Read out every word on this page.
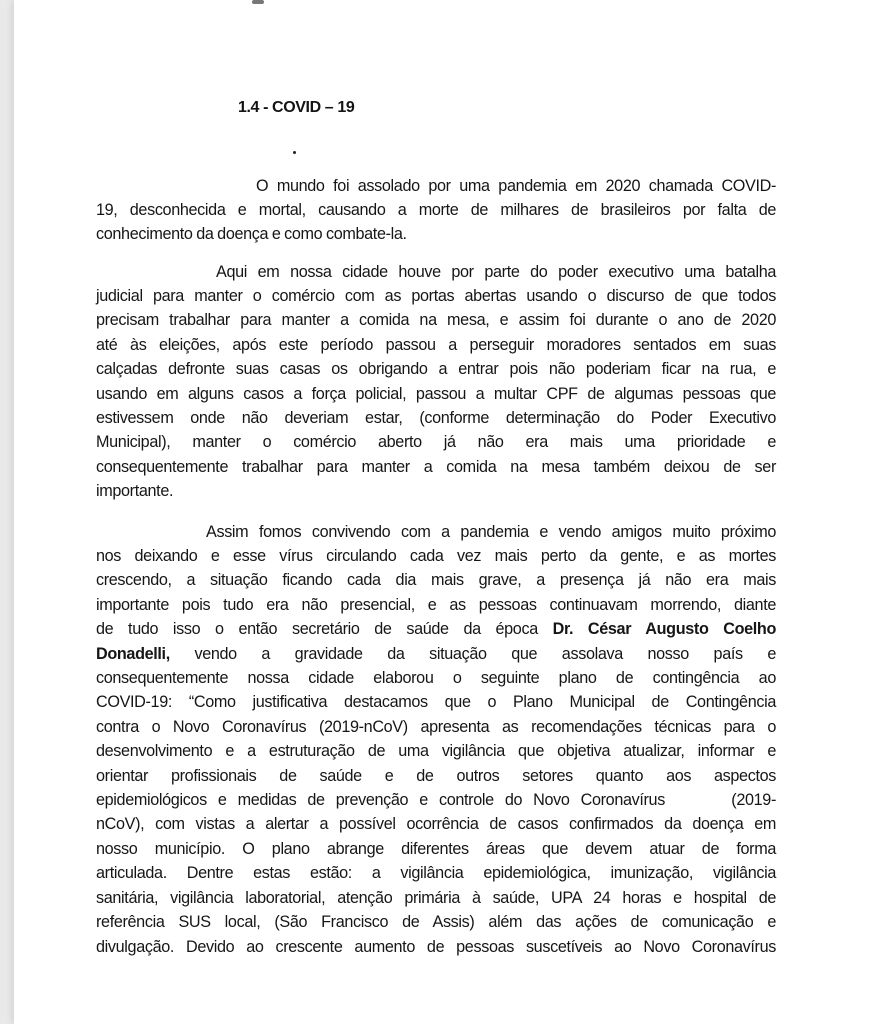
1.4 - COVID – 19
O mundo foi assolado por uma pandemia em 2020 chamada COVID-
19, desconhecida e mortal, causando a morte de milhares de brasileiros por falta de
conhecimento da doença e como combate-la.
Aqui em nossa cidade houve por parte do poder executivo uma batalha
judicial para manter o comércio com as portas abertas usando o discurso de que todos
precisam trabalhar para manter a comida na mesa, e assim foi durante o ano de 2020
até às eleições, após este período passou a perseguir moradores sentados em suas
calçadas defronte suas casas os obrigando a entrar pois não poderiam ficar na rua, e
usando em alguns casos a força policial, passou a multar CPF de algumas pessoas que
estivessem onde não deveriam estar, (conforme determinação do Poder Executivo
Municipal), manter o comércio aberto já não era mais uma prioridade e
consequentemente trabalhar para manter a comida na mesa também deixou de ser
importante.
Assim fomos convivendo com a pandemia e vendo amigos muito próximo
nos deixando e esse vírus circulando cada vez mais perto da gente, e as mortes
crescendo, a situação ficando cada dia mais grave, a presença já não era mais
importante pois tudo era não presencial, e as pessoas continuavam morrendo, diante
de tudo isso o então secretário de saúde da época Dr. César Augusto Coelho
Donadelli, vendo a gravidade da situação que assolava nosso país e
consequentemente nossa cidade elaborou o seguinte plano de contingência ao
COVID-19: “Como justificativa destacamos que o Plano Municipal de Contingência
contra o Novo Coronavírus (2019-nCoV) apresenta as recomendações técnicas para o
desenvolvimento e a estruturação de uma vigilância que objetiva atualizar, informar e
orientar profissionais de saúde e de outros setores quanto aos aspectos
epidemiológicos e medidas de prevenção e controle do Novo Coronavírus      (2019-
nCoV), com vistas a alertar a possível ocorrência de casos confirmados da doença em
nosso município. O plano abrange diferentes áreas que devem atuar de forma
articulada. Dentre estas estão: a vigilância epidemiológica, imunização, vigilância
sanitária, vigilância laboratorial, atenção primária à saúde, UPA 24 horas e hospital de
referência SUS local, (São Francisco de Assis) além das ações de comunicação e
divulgação. Devido ao crescente aumento de pessoas suscetíveis ao Novo Coronavírus
